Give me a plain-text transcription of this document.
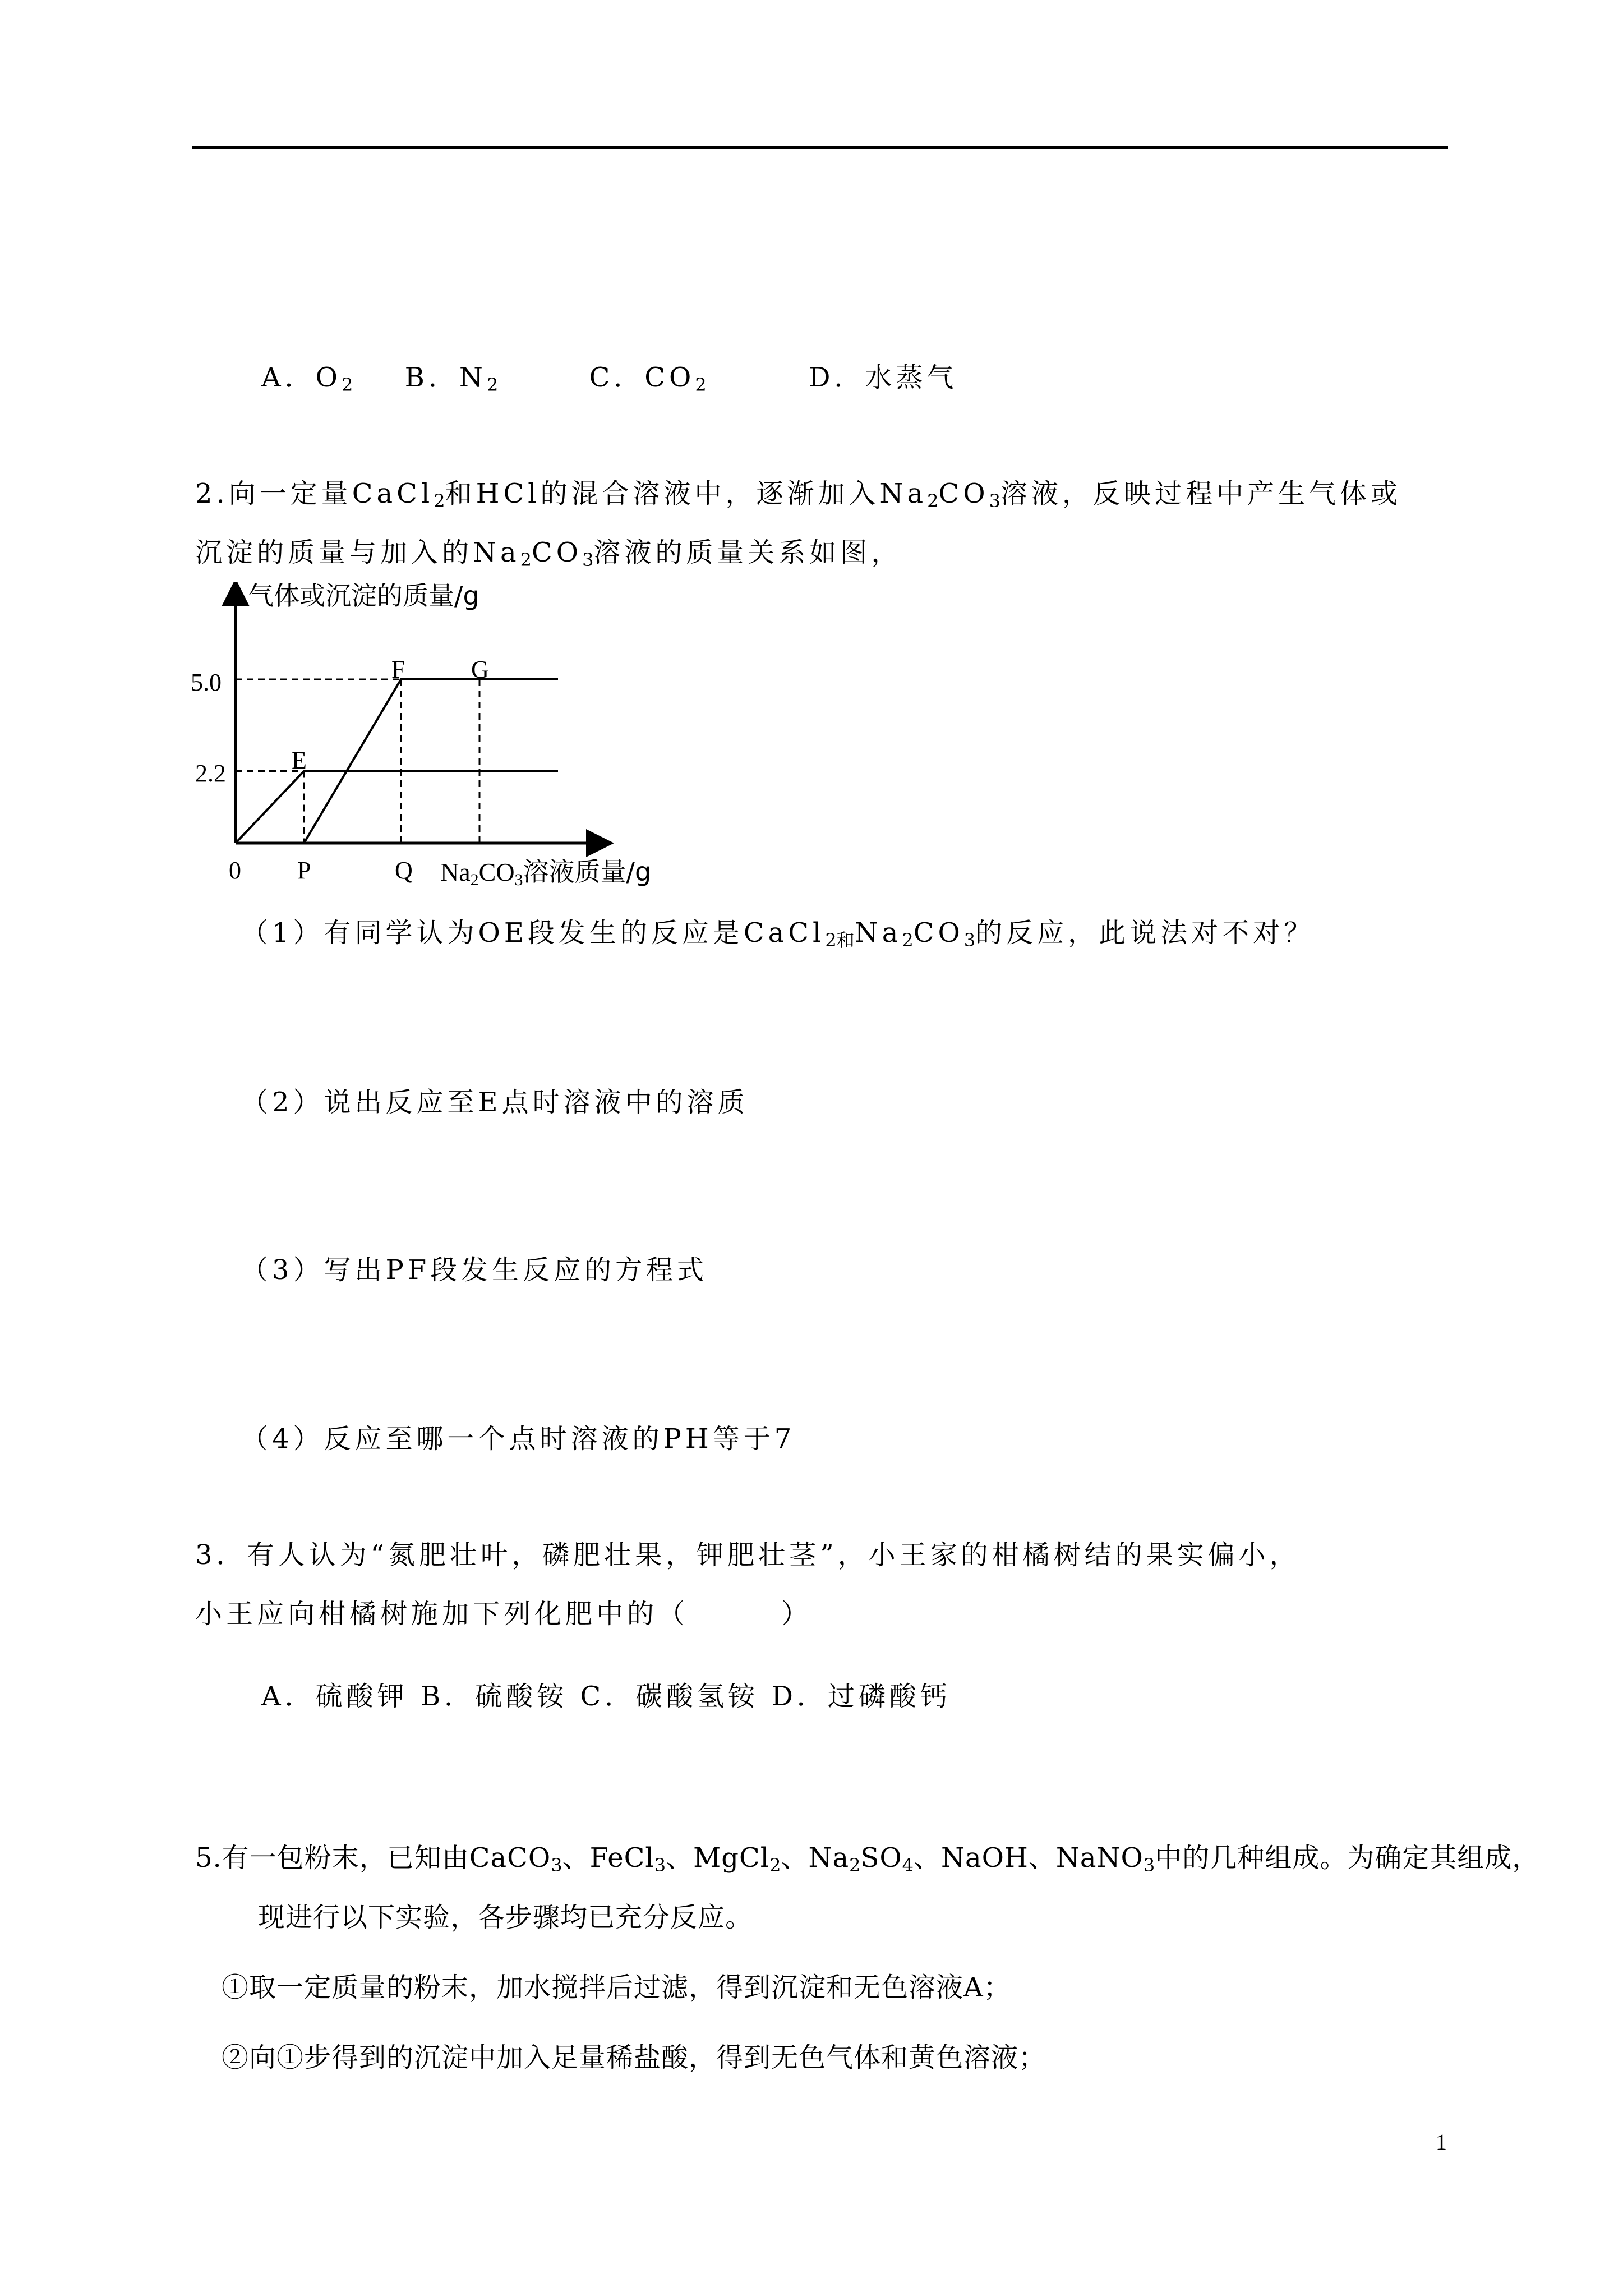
A．$O_2$ B．$N_2$	C．$CO_2$	D．水蒸气
2.向一定量CaCl$_2$和HCl的混合溶液中，逐渐加入$Na_2CO_3$溶液，反映过程中产生气体或
沉淀的质量与加入的$Na_2CO_3$溶液的质量关系如图，
气体或沉淀的质量/g
5.0
2.2
0 P	Q
E
F	G
Na2CO3溶液质量/g
（1）有同学认为OE段发生的反应是$CaCl_{2和}Na_2CO_3$的反应，此说法对不对？
（2）说出反应至E点时溶液中的溶质
（3）写出PF段发生反应的方程式
（4）反应至哪一个点时溶液的PH等于7
3．有人认为“氮肥壮叶，磷肥壮果，钾肥壮茎”，小王家的柑橘树结的果实偏小，
小王应向柑橘树施加下列化肥中的（　　　）
A．硫酸钾 B．硫酸铵 C．碳酸氢铵 D．过磷酸钙
5.有一包粉末，已知由CaCO$_3$、FeCl$_3$、MgCl$_2$、$Na_2SO_4$、NaOH、NaNO$_3$中的几种组成。为确定其组成，
现进行以下实验，各步骤均已充分反应。
①取一定质量的粉末，加水搅拌后过滤，得到沉淀和无色溶液A；
②向①步得到的沉淀中加入足量稀盐酸，得到无色气体和黄色溶液；
1
